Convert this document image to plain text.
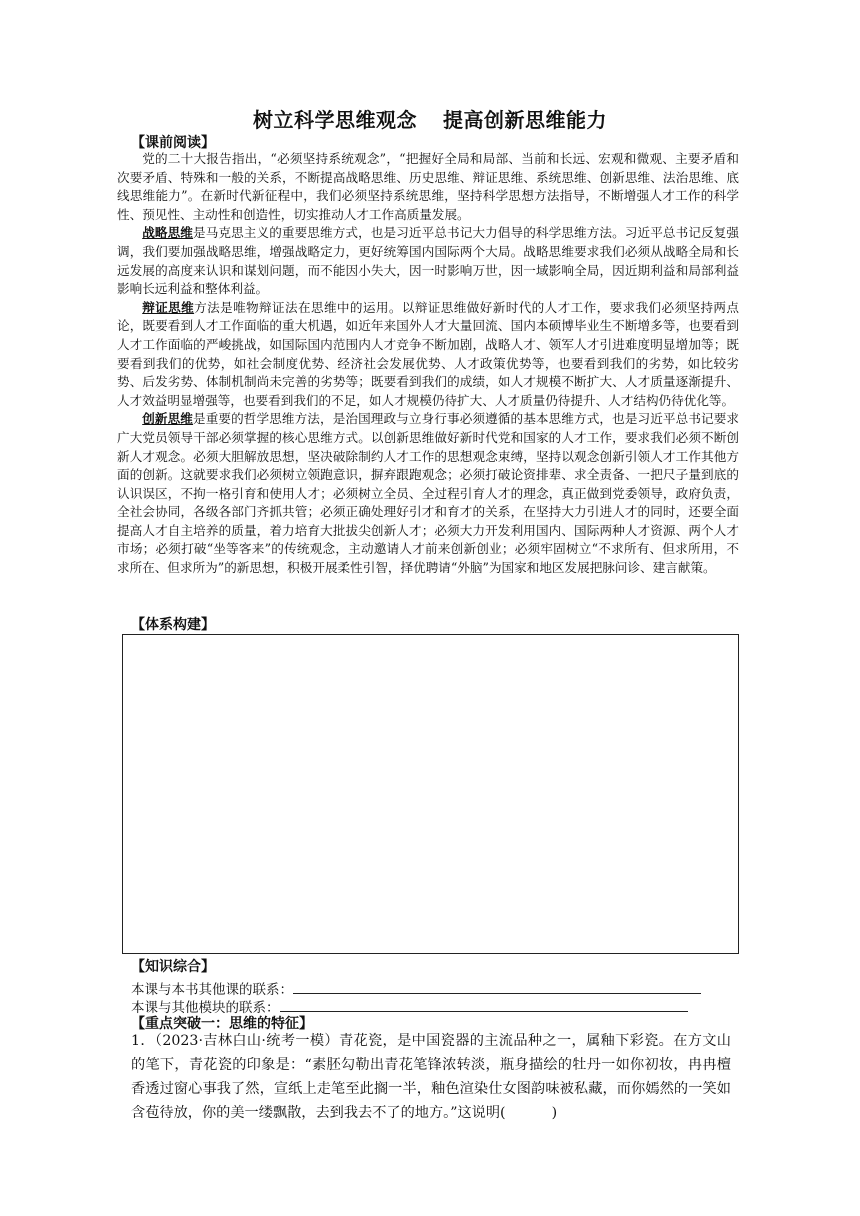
树立科学思维观念 提高创新思维能力
【课前阅读】

党的二十大报告指出，“必须坚持系统观念”，“把握好全局和局部、当前和长远、宏观和微观、主要矛盾和次要矛盾、特殊和一般的关系，不断提高战略思维、历史思维、辩证思维、系统思维、创新思维、法治思维、底线思维能力”。在新时代新征程中，我们必须坚持系统思维，坚持科学思想方法指导，不断增强人才工作的科学性、预见性、主动性和创造性，切实推动人才工作高质量发展。

战略思维是马克思主义的重要思维方式，也是习近平总书记大力倡导的科学思维方法。习近平总书记反复强调，我们要加强战略思维，增强战略定力，更好统筹国内国际两个大局。战略思维要求我们必须从战略全局和长远发展的高度来认识和谋划问题，而不能因小失大，因一时影响万世，因一域影响全局，因近期利益和局部利益影响长远利益和整体利益。

辩证思维方法是唯物辩证法在思维中的运用。以辩证思维做好新时代的人才工作，要求我们必须坚持两点论，既要看到人才工作面临的重大机遇，如近年来国外人才大量回流、国内本硕博毕业生不断增多等，也要看到人才工作面临的严峻挑战，如国际国内范围内人才竞争不断加剧，战略人才、领军人才引进难度明显增加等；既要看到我们的优势，如社会制度优势、经济社会发展优势、人才政策优势等，也要看到我们的劣势，如比较劣势、后发劣势、体制机制尚未完善的劣势等；既要看到我们的成绩，如人才规模不断扩大、人才质量逐渐提升、人才效益明显增强等，也要看到我们的不足，如人才规模仍待扩大、人才质量仍待提升、人才结构仍待优化等。

创新思维是重要的哲学思维方法，是治国理政与立身行事必须遵循的基本思维方式，也是习近平总书记要求广大党员领导干部必须掌握的核心思维方式。以创新思维做好新时代党和国家的人才工作，要求我们必须不断创新人才观念。必须大胆解放思想，坚决破除制约人才工作的思想观念束缚，坚持以观念创新引领人才工作其他方面的创新。这就要求我们必须树立领跑意识，摒弃跟跑观念；必须打破论资排辈、求全责备、一把尺子量到底的认识误区，不拘一格引育和使用人才；必须树立全员、全过程引育人才的理念，真正做到党委领导，政府负责，全社会协同，各级各部门齐抓共管；必须正确处理好引才和育才的关系，在坚持大力引进人才的同时，还要全面提高人才自主培养的质量，着力培育大批拔尖创新人才；必须大力开发利用国内、国际两种人才资源、两个人才市场；必须打破“坐等客来”的传统观念，主动邀请人才前来创新创业；必须牢固树立“不求所有、但求所用，不求所在、但求所为”的新思想，积极开展柔性引智，择优聘请“外脑”为国家和地区发展把脉问诊、建言献策。

【体系构建】
【知识综合】
本课与本书其他课的联系：
本课与其他模块的联系：
【重点突破一：思维的特征】
1．（2023·吉林白山·统考一模）青花瓷，是中国瓷器的主流品种之一，属釉下彩瓷。在方文山的笔下，青花瓷的印象是：“素胚勾勒出青花笔锋浓转淡，瓶身描绘的牡丹一如你初妆，冉冉檀香透过窗心事我了然，宣纸上走笔至此搁一半，釉色渲染仕女图韵味被私藏，而你嫣然的一笑如含苞待放，你的美一缕飘散，去到我去不了的地方。”这说明(	)
